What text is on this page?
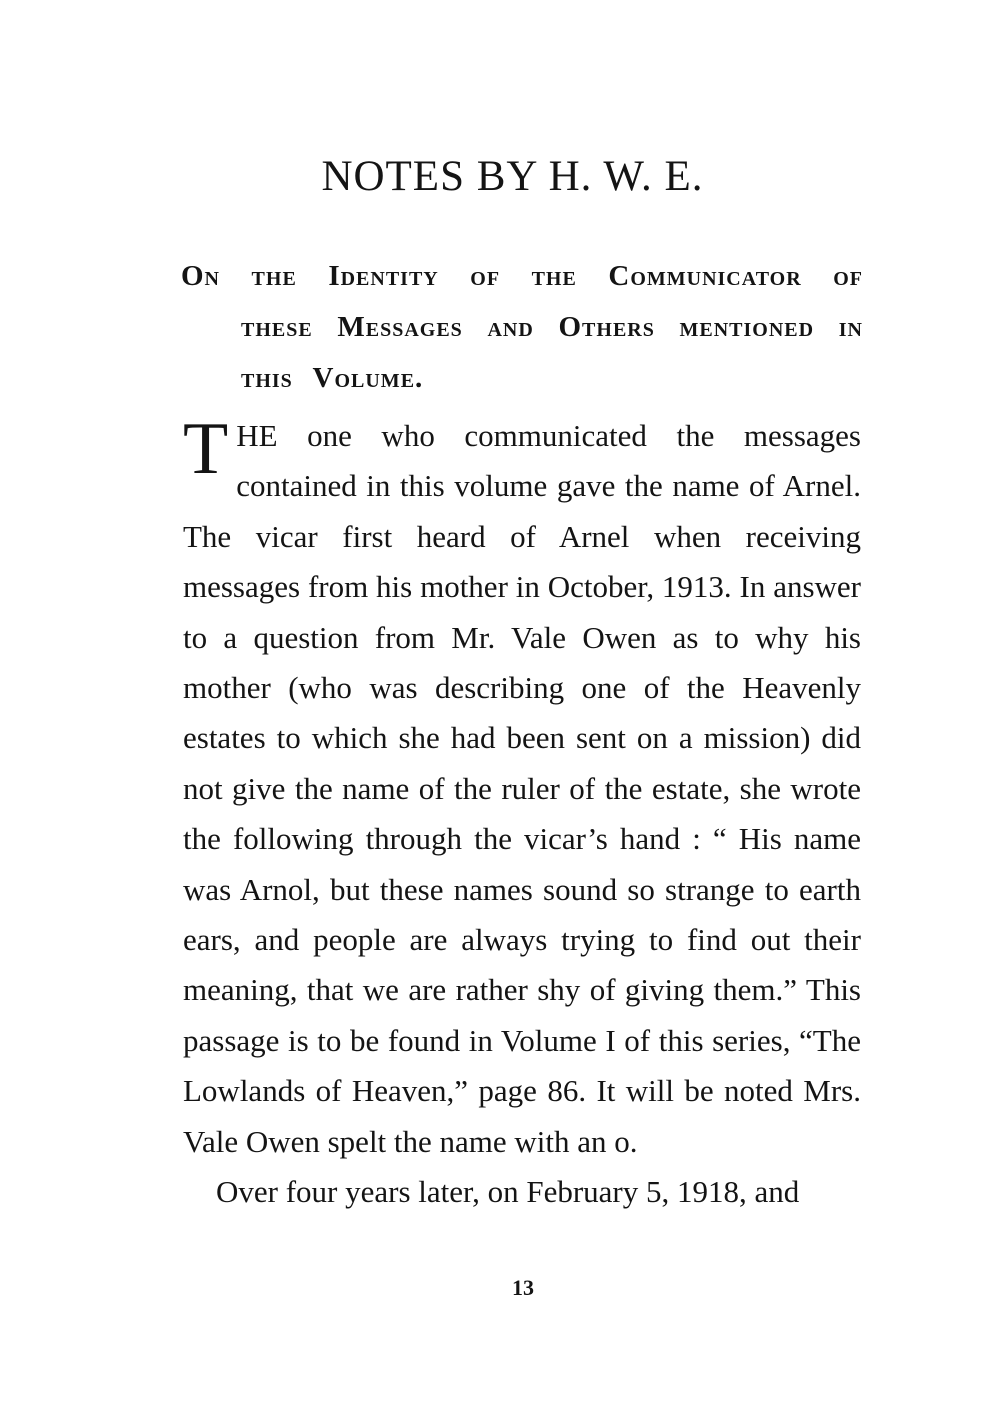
NOTES BY H. W. E.
On the Identity of the Communicator of these Messages and Others mentioned in this Volume.

THE one who communicated the messages contained in this volume gave the name of Arnel. The vicar first heard of Arnel when receiving messages from his mother in October, 1913. In answer to a question from Mr. Vale Owen as to why his mother (who was describing one of the Heavenly estates to which she had been sent on a mission) did not give the name of the ruler of the estate, she wrote the following through the vicar’s hand : “ His name was Arnol, but these names sound so strange to earth ears, and people are always trying to find out their meaning, that we are rather shy of giving them.” This passage is to be found in Volume I of this series, “The Lowlands of Heaven,” page 86. It will be noted Mrs. Vale Owen spelt the name with an o.

Over four years later, on February 5, 1918, and

13
